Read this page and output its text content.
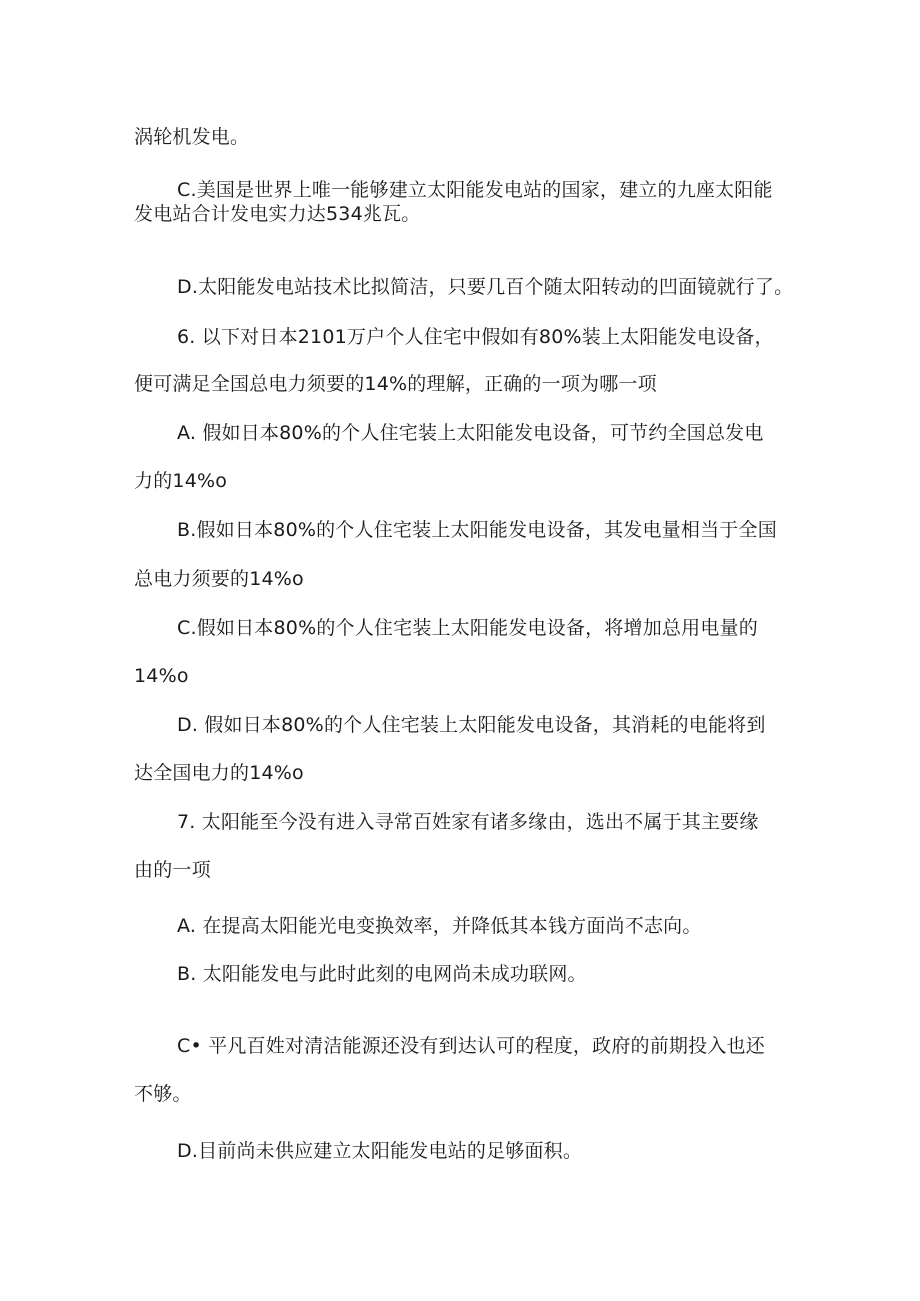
涡轮机发电。
C.美国是世界上唯一能够建立太阳能发电站的国家，建立的九座太阳能
发电站合计发电实力达534兆瓦。
D.太阳能发电站技术比拟简洁，只要几百个随太阳转动的凹面镜就行了。
6. 以下对日本2101万户个人住宅中假如有80%装上太阳能发电设备，
便可满足全国总电力须要的14%的理解，正确的一项为哪一项
A. 假如日本80%的个人住宅装上太阳能发电设备，可节约全国总发电
力的14%o
B.假如日本80%的个人住宅装上太阳能发电设备，其发电量相当于全国
总电力须要的14%o
C.假如日本80%的个人住宅装上太阳能发电设备，将增加总用电量的
14%o
D. 假如日本80%的个人住宅装上太阳能发电设备，其消耗的电能将到
达全国电力的14%o
7. 太阳能至今没有进入寻常百姓家有诸多缘由，选出不属于其主要缘
由的一项
A. 在提高太阳能光电变换效率，并降低其本钱方面尚不志向。
B. 太阳能发电与此时此刻的电网尚未成功联网。
C• 平凡百姓对清洁能源还没有到达认可的程度，政府的前期投入也还
不够。
D.目前尚未供应建立太阳能发电站的足够面积。
